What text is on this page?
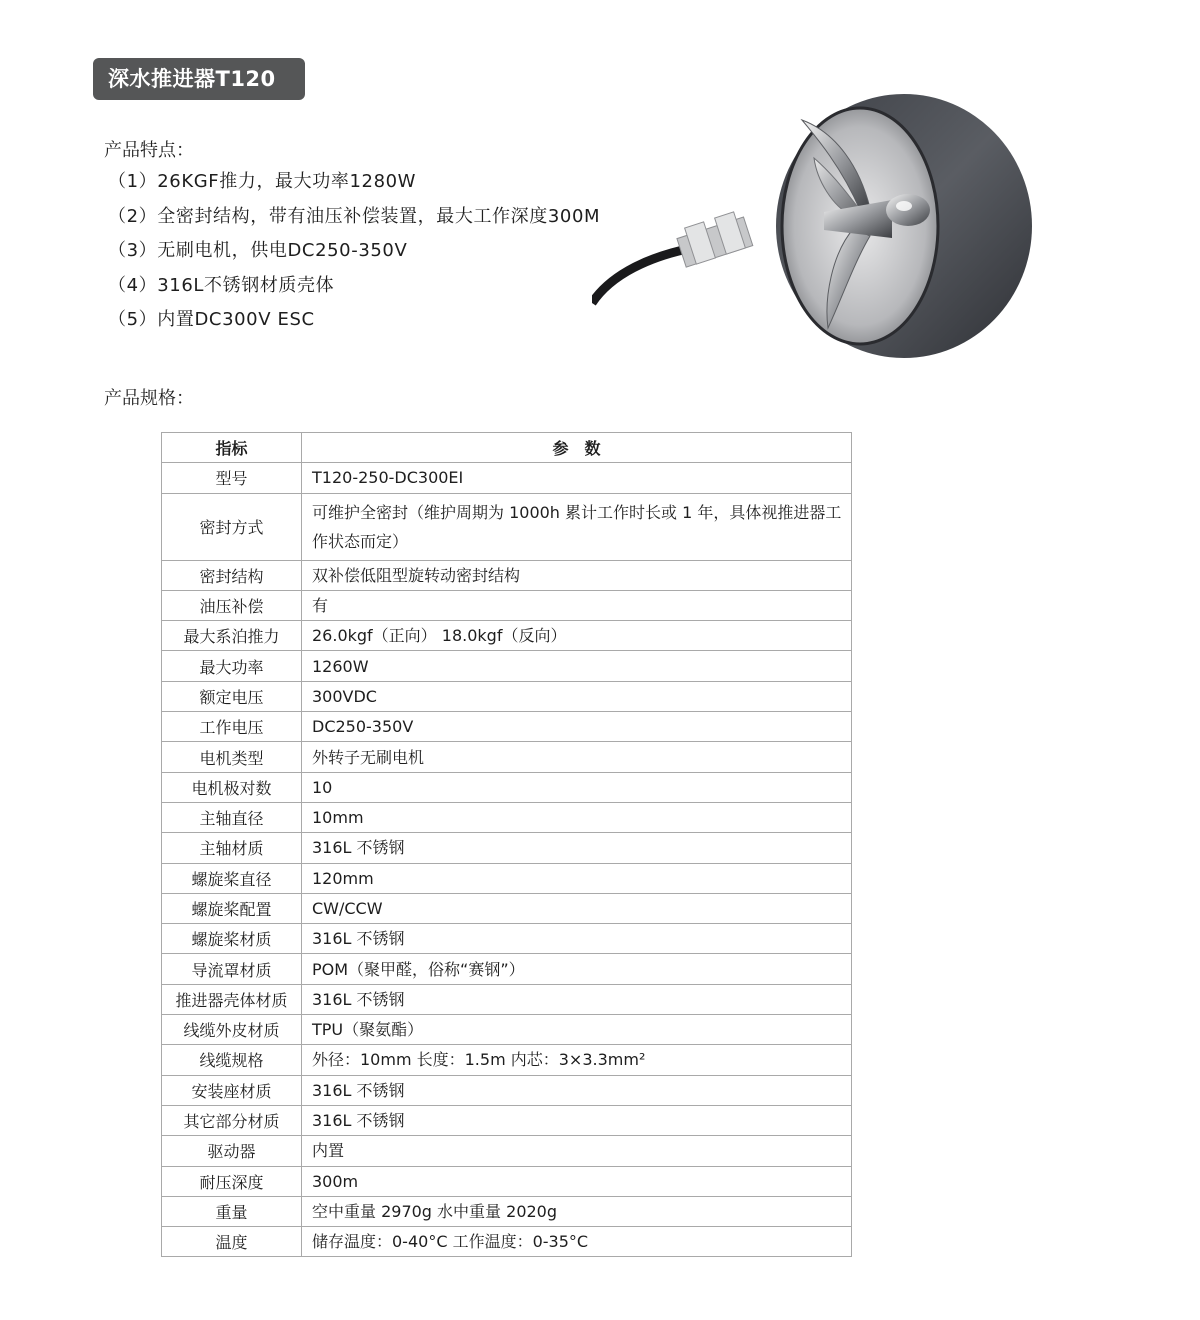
深水推进器T120
产品特点：
（1）26KGF推力，最大功率1280W
（2）全密封结构，带有油压补偿装置，最大工作深度300M
（3）无刷电机，供电DC250-350V
（4）316L不锈钢材质壳体
（5）内置DC300V ESC
产品规格：
指标	参　数
型号	T120-250-DC300EI
密封方式	可维护全密封（维护周期为 1000h 累计工作时长或 1 年，具体视推进器工作状态而定）
密封结构	双补偿低阻型旋转动密封结构
油压补偿	有
最大系泊推力	26.0kgf（正向） 18.0kgf（反向）
最大功率	1260W
额定电压	300VDC
工作电压	DC250-350V
电机类型	外转子无刷电机
电机极对数	10
主轴直径	10mm
主轴材质	316L 不锈钢
螺旋桨直径	120mm
螺旋桨配置	CW/CCW
螺旋桨材质	316L 不锈钢
导流罩材质	POM（聚甲醛，俗称“赛钢”）
推进器壳体材质	316L 不锈钢
线缆外皮材质	TPU（聚氨酯）
线缆规格	外径：10mm 长度：1.5m 内芯：3×3.3mm²
安装座材质	316L 不锈钢
其它部分材质	316L 不锈钢
驱动器	内置
耐压深度	300m
重量	空中重量 2970g 水中重量 2020g
温度	储存温度：0-40°C 工作温度：0-35°C
